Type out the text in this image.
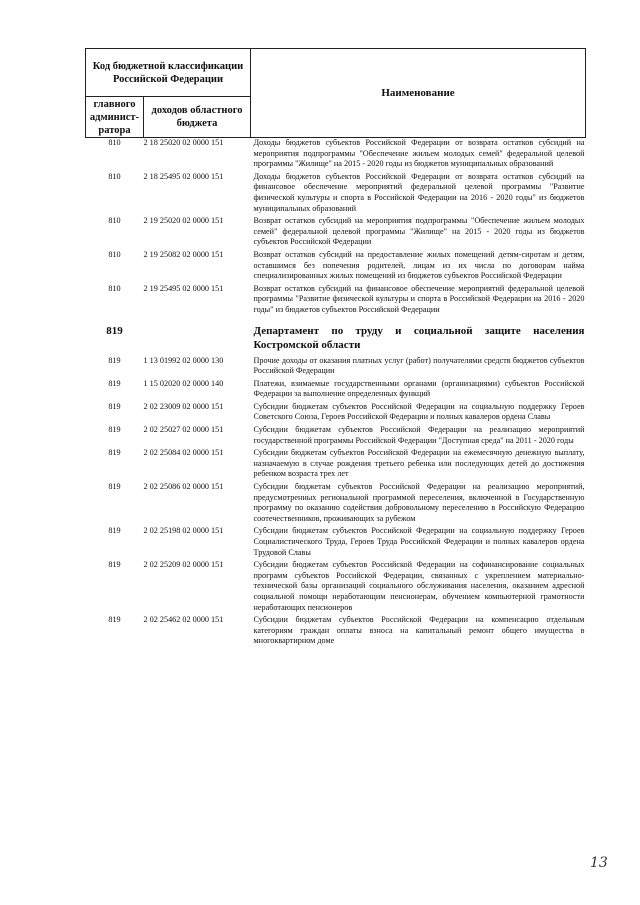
Код бюджетной классификации Российской Федерации		Наименование
главного админист-ратора	доходов областного бюджета	
810	2 18 25020 02 0000 151	Доходы бюджетов субъектов Российской Федерации от возврата остатков субсидий на мероприятия подпрограммы "Обеспечение жильем молодых семей" федеральной целевой программы "Жилище" на 2015 - 2020 годы из бюджетов муниципальных образований
810	2 18 25495 02 0000 151	Доходы бюджетов субъектов Российской Федерации от возврата остатков субсидий на финансовое обеспечение мероприятий федеральной целевой программы "Развитие физической культуры и спорта в Российской Федерации на 2016 - 2020 годы" из бюджетов муниципальных образований
810	2 19 25020 02 0000 151	Возврат остатков субсидий на мероприятия подпрограммы "Обеспечение жильем молодых семей" федеральной целевой программы "Жилище" на 2015 - 2020 годы из бюджетов субъектов Российской Федерации
810	2 19 25082 02 0000 151	Возврат остатков субсидий на предоставление жилых помещений детям-сиротам и детям, оставшимся без попечения родителей, лицам из их числа по договорам найма специализированных жилых помещений из бюджетов субъектов Российской Федерации
810	2 19 25495 02 0000 151	Возврат остатков субсидий на финансовое обеспечение мероприятий федеральной целевой программы "Развитие физической культуры и спорта в Российской Федерации на 2016 - 2020 годы" из бюджетов субъектов Российской Федерации
819		Департамент по труду и социальной защите населения Костромской области
819	1 13 01992 02 0000 130	Прочие доходы от оказания платных услуг (работ) получателями средств бюджетов субъектов Российской Федерации
819	1 15 02020 02 0000 140	Платежи, взимаемые государственными органами (организациями) субъектов Российской Федерации за выполнение определенных функций
819	2 02 23009 02 0000 151	Субсидии бюджетам субъектов Российской Федерации на социальную поддержку Героев Советского Союза, Героев Российской Федерации и полных кавалеров ордена Славы
819	2 02 25027 02 0000 151	Субсидии бюджетам субъектов Российской Федерации на реализацию мероприятий государственной программы Российской Федерации "Доступная среда" на 2011 - 2020 годы
819	2 02 25084 02 0000 151	Субсидии бюджетам субъектов Российской Федерации на ежемесячную денежную выплату, назначаемую в случае рождения третьего ребенка или последующих детей до достижения ребенком возраста трех лет
819	2 02 25086 02 0000 151	Субсидии бюджетам субъектов Российской Федерации на реализацию мероприятий, предусмотренных региональной программой переселения, включенной в Государственную программу по оказанию содействия добровольному переселению в Российскую Федерацию соотечественников, проживающих за рубежом
819	2 02 25198 02 0000 151	Субсидии бюджетам субъектов Российской Федерации на социальную поддержку Героев Социалистического Труда, Героев Труда Российской Федерации и полных кавалеров ордена Трудовой Славы
819	2 02 25209 02 0000 151	Субсидии бюджетам субъектов Российской Федерации на софинансирование социальных программ субъектов Российской Федерации, связанных с укреплением материально-технической базы организаций социального обслуживания населения, оказанием адресной социальной помощи неработающим пенсионерам, обучением компьютерной грамотности неработающих пенсионеров
819	2 02 25462 02 0000 151	Субсидии бюджетам субъектов Российской Федерации на компенсацию отдельным категориям граждан оплаты взноса на капитальный ремонт общего имущества в многоквартирном доме
13
